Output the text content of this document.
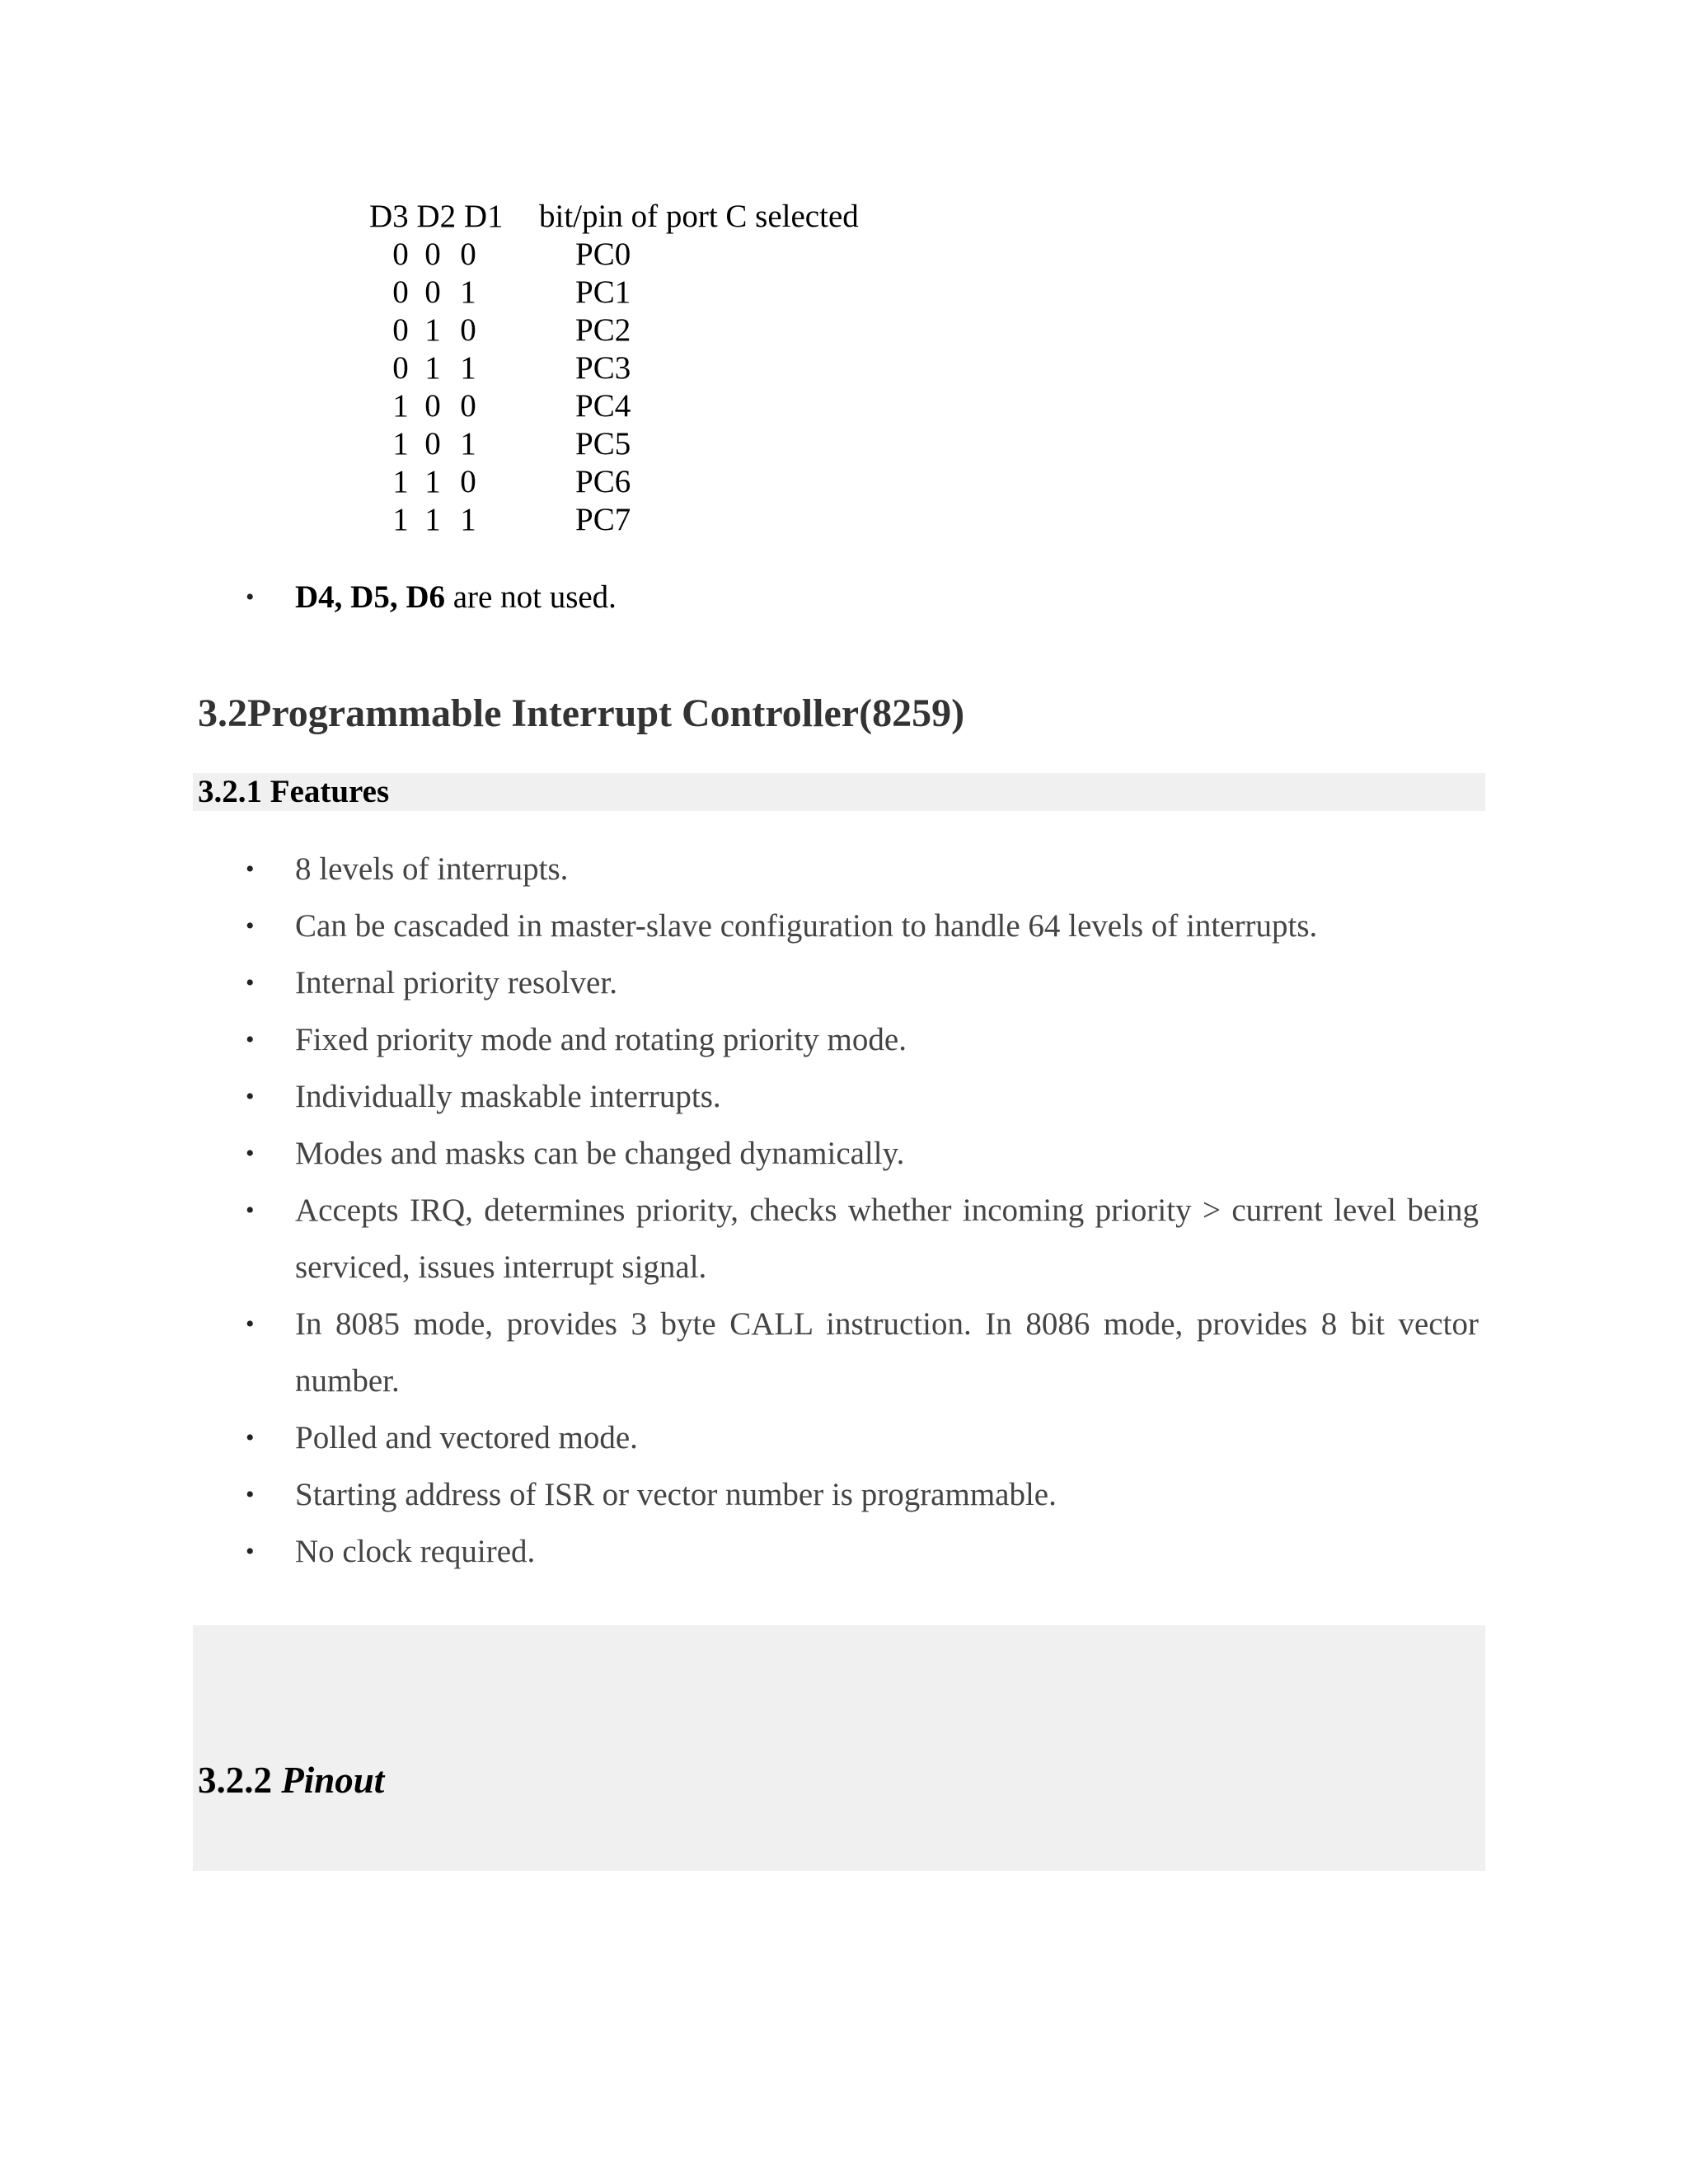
D3 D2 D1 bit/pin of port C selected
0 0 0	PC0
0 0 1	PC1
0 1 0	PC2
0 1 1	PC3
1 0 0	PC4
1 0 1	PC5
1 1 0	PC6
1 1 1	PC7
• D4, D5, D6 are not used.
3.2Programmable Interrupt Controller(8259)
3.2.1 Features
• 8 levels of interrupts.
• Can be cascaded in master-slave configuration to handle 64 levels of interrupts.
• Internal priority resolver.
• Fixed priority mode and rotating priority mode.
• Individually maskable interrupts.
• Modes and masks can be changed dynamically.
• Accepts IRQ, determines priority, checks whether incoming priority > current level being serviced, issues interrupt signal.
• In 8085 mode, provides 3 byte CALL instruction. In 8086 mode, provides 8 bit vector number.
• Polled and vectored mode.
• Starting address of ISR or vector number is programmable.
• No clock required.
3.2.2 Pinout
